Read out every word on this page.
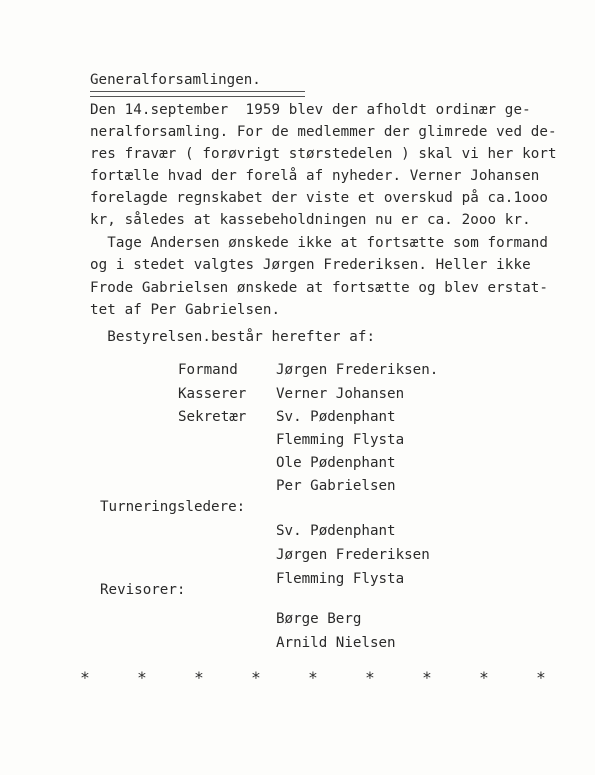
Generalforsamlingen.
Den 14.september  1959 blev der afholdt ordinær ge-
neralforsamling. For de medlemmer der glimrede ved de-
res fravær ( forøvrigt størstedelen ) skal vi her kort
fortælle hvad der forelå af nyheder. Verner Johansen
forelagde regnskabet der viste et overskud på ca.1ooo
kr, således at kassebeholdningen nu er ca. 2ooo kr.
Tage Andersen ønskede ikke at fortsætte som formand
og i stedet valgtes Jørgen Frederiksen. Heller ikke
Frode Gabrielsen ønskede at fortsætte og blev erstat-
tet af Per Gabrielsen.
Bestyrelsen.består herefter af:
Formand	Jørgen Frederiksen.
Kasserer Verner Johansen
Sekretær Sv. Pødenphant
Flemming Flysta
Ole Pødenphant
Per Gabrielsen
Turneringsledere:
Sv. Pødenphant
Jørgen Frederiksen
Flemming Flysta
Revisorer:
Børge Berg
Arnild Nielsen
*	*	*	*	*	*	*	*	*
